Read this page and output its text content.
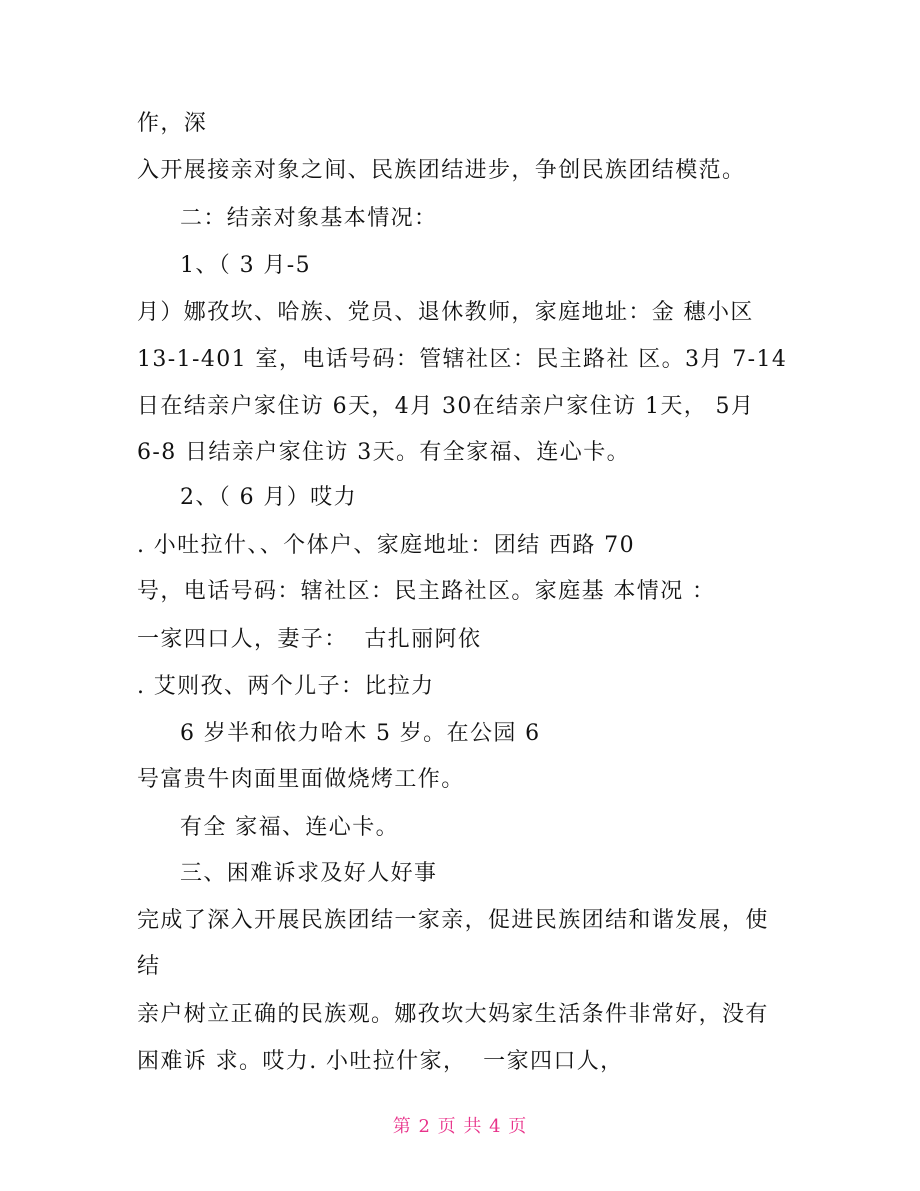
作，深
入开展接亲对象之间、民族团结进步，争创民族团结模范。
二：结亲对象基本情况：
1、（ 3 月-5
月）娜孜坎、哈族、党员、退休教师，家庭地址：金 穗小区
13-1-401 室，电话号码：管辖社区：民主路社 区。3月 7-14
日在结亲户家住访 6天，4月 30在结亲户家住访 1天， 5月
6-8 日结亲户家住访 3天。有全家福、连心卡。
2、（ 6 月）哎力
. 小吐拉什、、个体户、家庭地址：团结 西路 70
号，电话号码：辖社区：民主路社区。家庭基 本情况 ：
一家四口人，妻子：  古扎丽阿依
. 艾则孜、两个儿子：比拉力
6 岁半和依力哈木 5 岁。在公园 6
号富贵牛肉面里面做烧烤工作。
有全 家福、连心卡。
三、困难诉求及好人好事
完成了深入开展民族团结一家亲，促进民族团结和谐发展，使
结
亲户树立正确的民族观。娜孜坎大妈家生活条件非常好，没有
困难诉 求。哎力. 小吐拉什家，  一家四口人，
第 2 页 共 4 页
